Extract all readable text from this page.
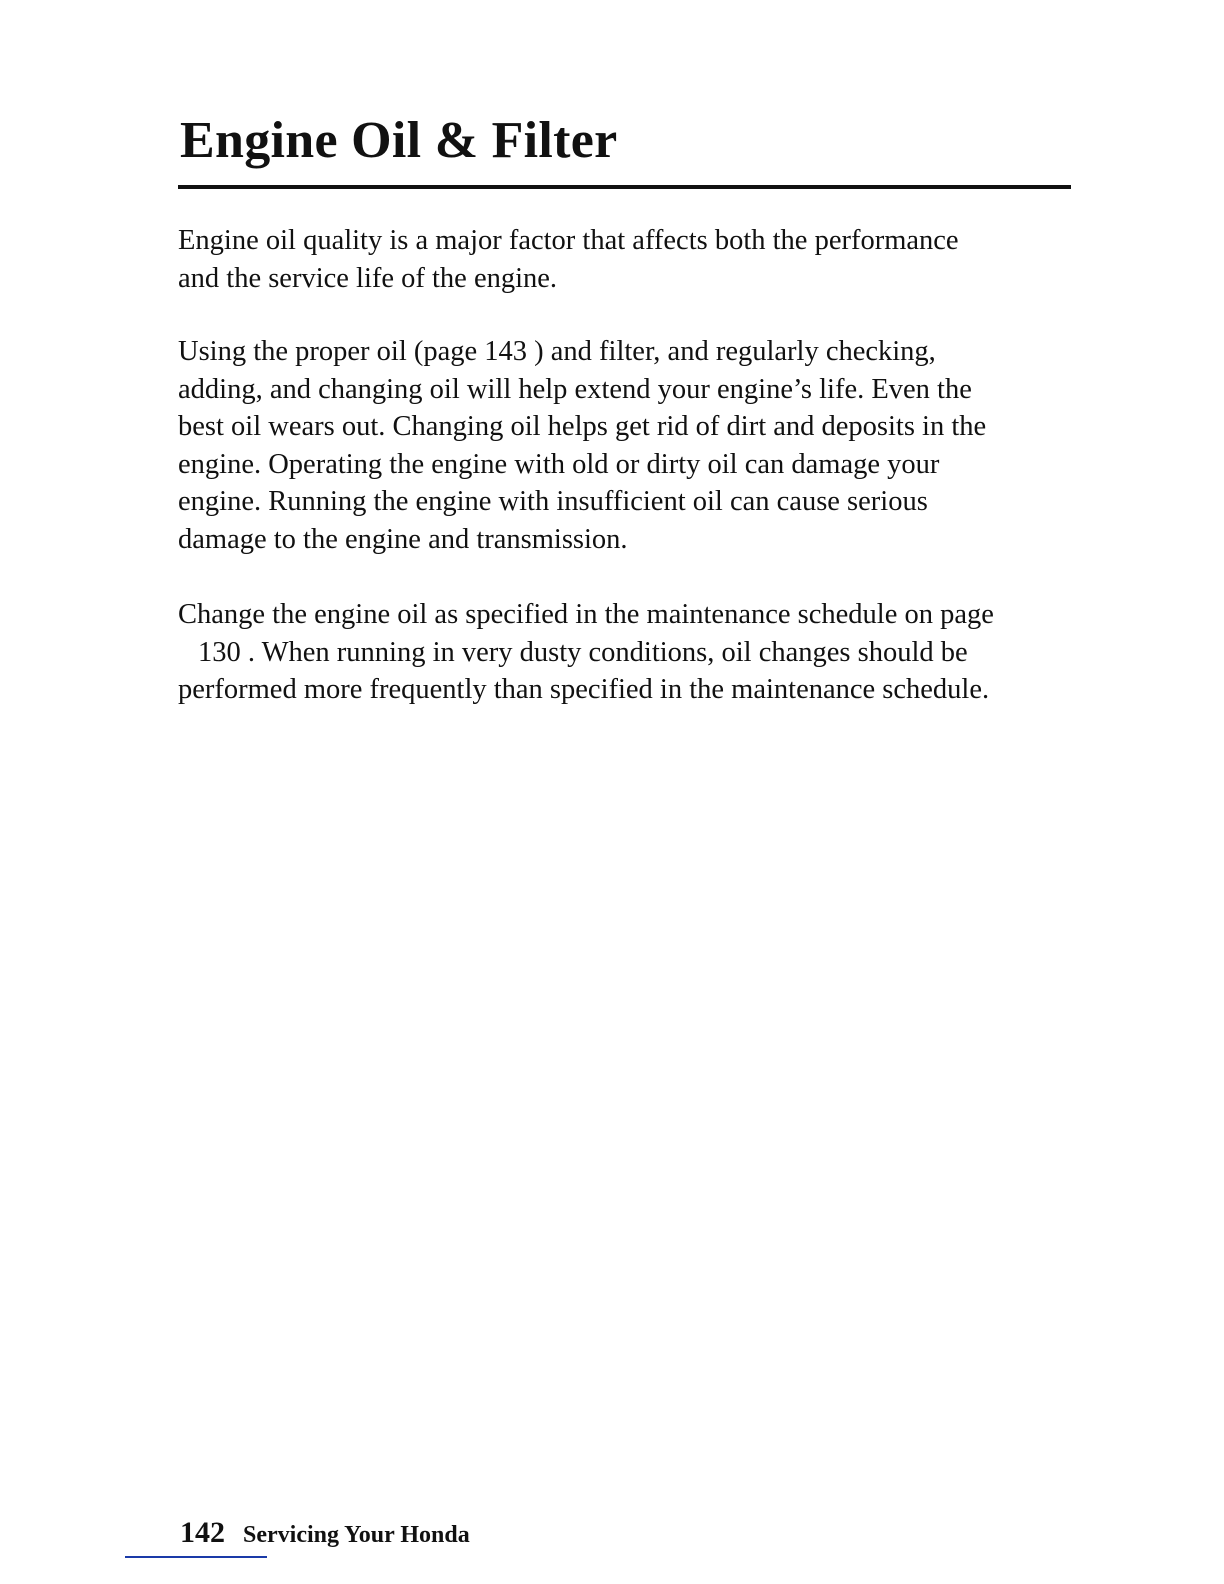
Engine Oil & Filter

Engine oil quality is a major factor that affects both the performance
and the service life of the engine.

Using the proper oil (page 143 ) and filter, and regularly checking,
adding, and changing oil will help extend your engine’s life. Even the
best oil wears out. Changing oil helps get rid of dirt and deposits in the
engine. Operating the engine with old or dirty oil can damage your
engine. Running the engine with insufficient oil can cause serious
damage to the engine and transmission.

Change the engine oil as specified in the maintenance schedule on page
130 . When running in very dusty conditions, oil changes should be
performed more frequently than specified in the maintenance schedule.

142 Servicing Your Honda
